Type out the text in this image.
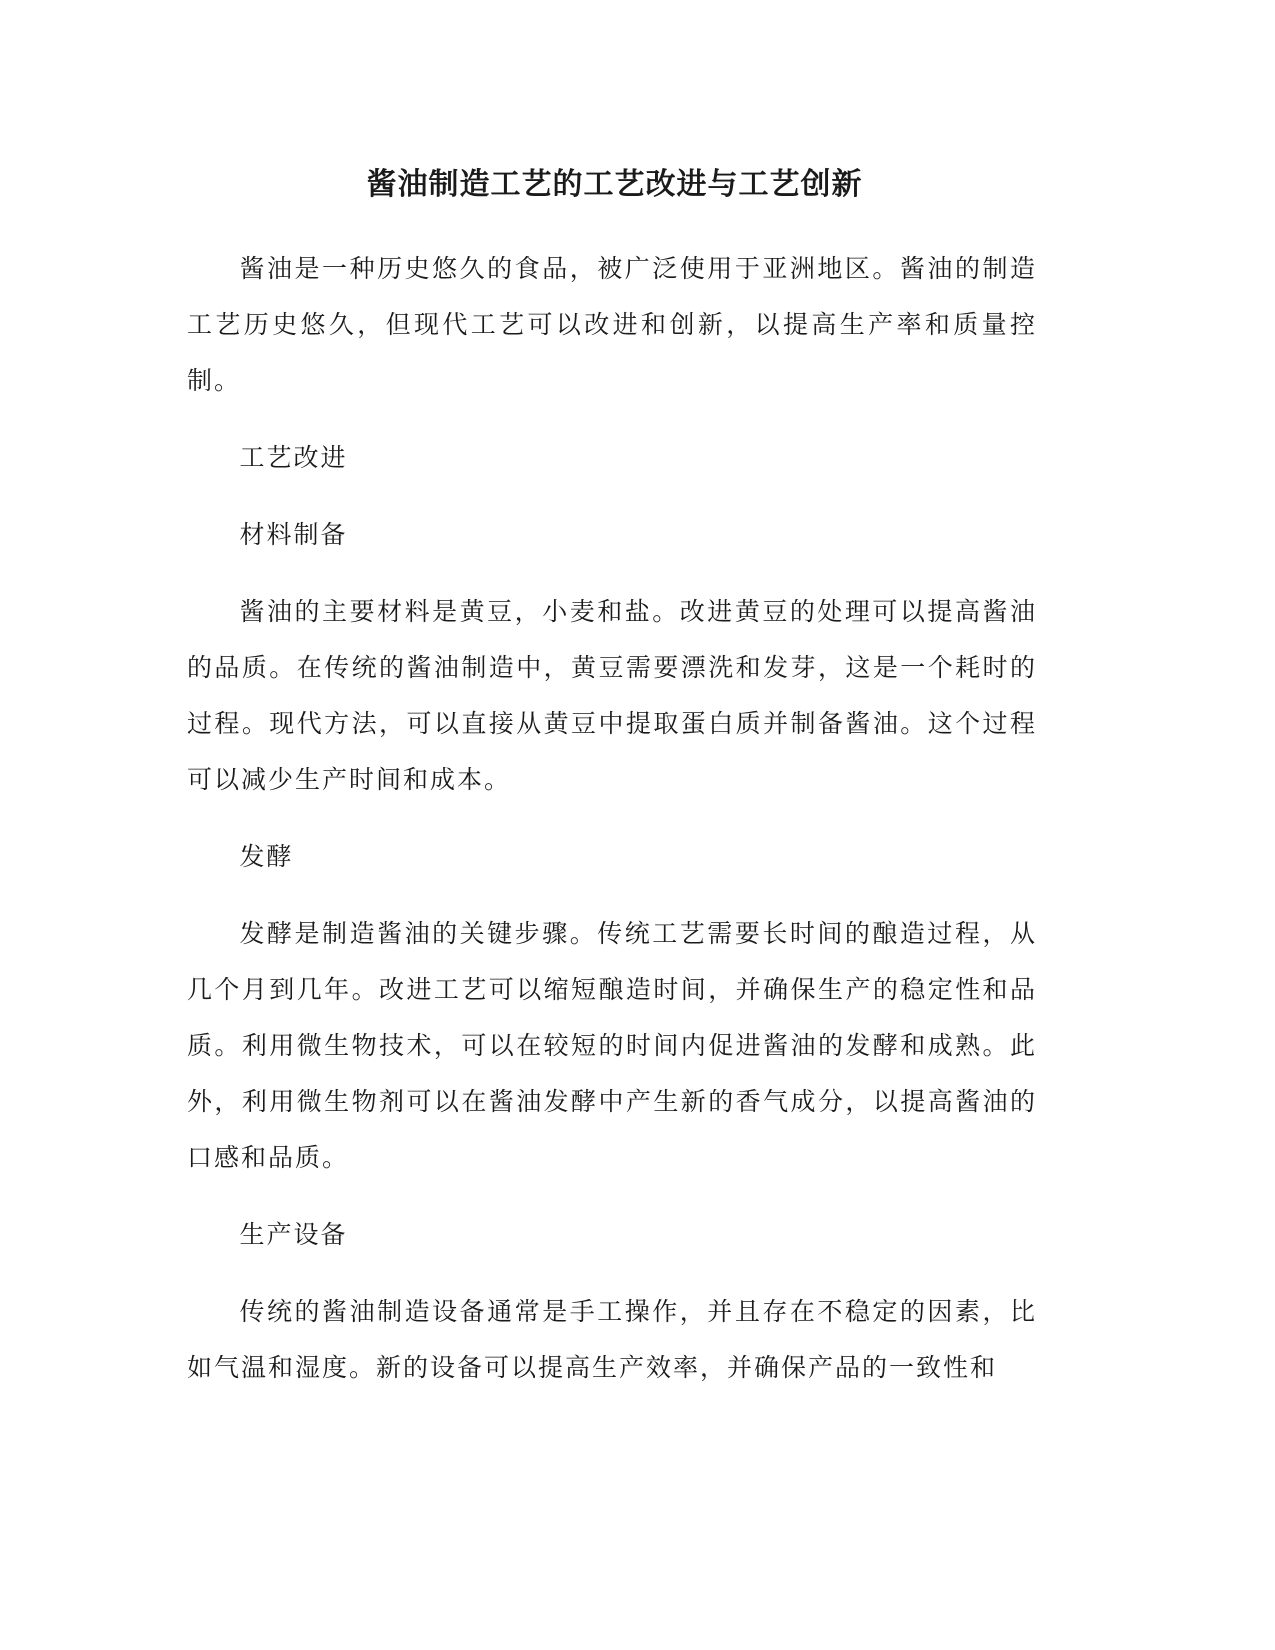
酱油制造工艺的工艺改进与工艺创新

酱油是一种历史悠久的食品，被广泛使用于亚洲地区。酱油的制造工艺历史悠久，但现代工艺可以改进和创新，以提高生产率和质量控制。

工艺改进

材料制备

酱油的主要材料是黄豆，小麦和盐。改进黄豆的处理可以提高酱油的品质。在传统的酱油制造中，黄豆需要漂洗和发芽，这是一个耗时的过程。现代方法，可以直接从黄豆中提取蛋白质并制备酱油。这个过程可以减少生产时间和成本。

发酵

发酵是制造酱油的关键步骤。传统工艺需要长时间的酿造过程，从几个月到几年。改进工艺可以缩短酿造时间，并确保生产的稳定性和品质。利用微生物技术，可以在较短的时间内促进酱油的发酵和成熟。此外，利用微生物剂可以在酱油发酵中产生新的香气成分，以提高酱油的口感和品质。

生产设备

传统的酱油制造设备通常是手工操作，并且存在不稳定的因素，比如气温和湿度。新的设备可以提高生产效率，并确保产品的一致性和
